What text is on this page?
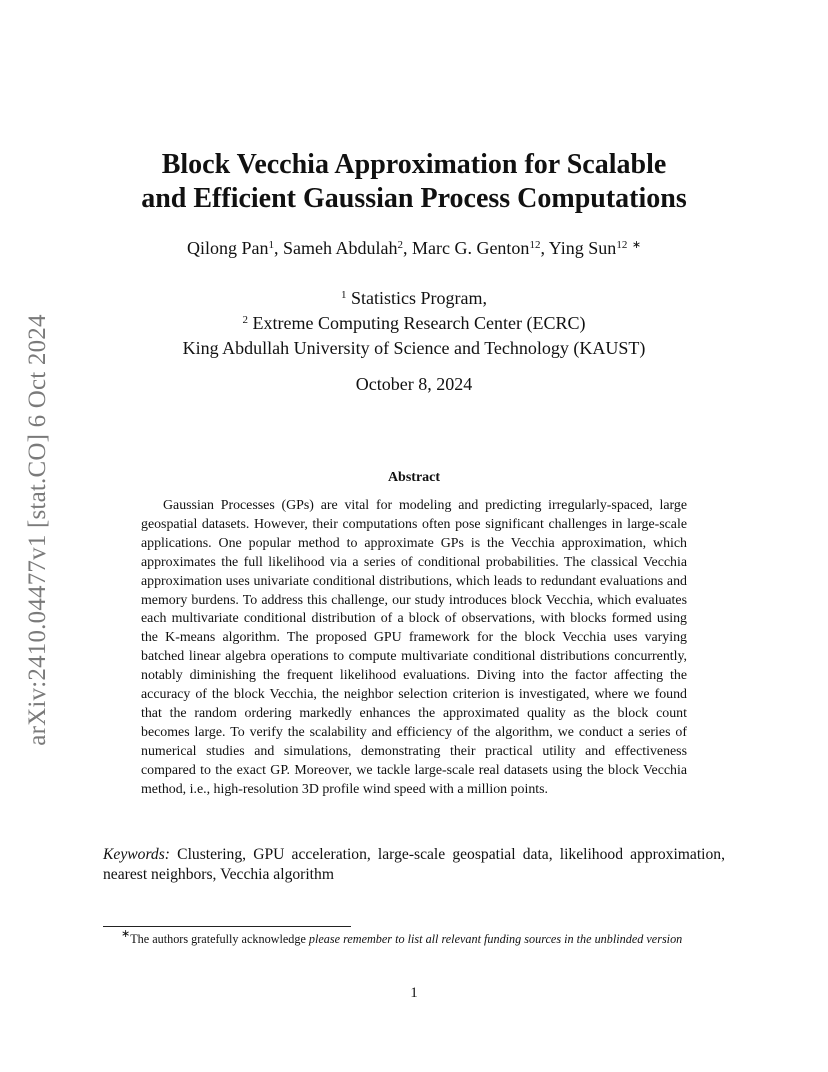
arXiv:2410.04477v1 [stat.CO] 6 Oct 2024
Block Vecchia Approximation for Scalable
and Efficient Gaussian Process Computations
Qilong Pan$^1$, Sameh Abdulah$^2$, Marc G. Genton$^{12}$, Ying Sun$^{12}$ ∗
$^1$ Statistics Program,
$^2$ Extreme Computing Research Center (ECRC)
King Abdullah University of Science and Technology (KAUST)
October 8, 2024
Abstract
Gaussian Processes (GPs) are vital for modeling and predicting irregularly-spaced, large geospatial datasets. However, their computations often pose significant challenges in large-scale applications. One popular method to approximate GPs is the Vecchia approximation, which approximates the full likelihood via a series of conditional probabilities. The classical Vecchia approximation uses univariate conditional distributions, which leads to redundant evaluations and memory burdens. To address this challenge, our study introduces block Vecchia, which evaluates each multivariate conditional distribution of a block of observations, with blocks formed using the K-means algorithm. The proposed GPU framework for the block Vecchia uses varying batched linear algebra operations to compute multivariate conditional distributions concurrently, notably diminishing the frequent likelihood evaluations. Diving into the factor affecting the accuracy of the block Vecchia, the neighbor selection criterion is investigated, where we found that the random ordering markedly enhances the approximated quality as the block count becomes large. To verify the scalability and efficiency of the algorithm, we conduct a series of numerical studies and simulations, demonstrating their practical utility and effectiveness compared to the exact GP. Moreover, we tackle large-scale real datasets using the block Vecchia method, i.e., high-resolution 3D profile wind speed with a million points.
Keywords: Clustering, GPU acceleration, large-scale geospatial data, likelihood approximation, nearest neighbors, Vecchia algorithm
∗The authors gratefully acknowledge please remember to list all relevant funding sources in the unblinded version
1
